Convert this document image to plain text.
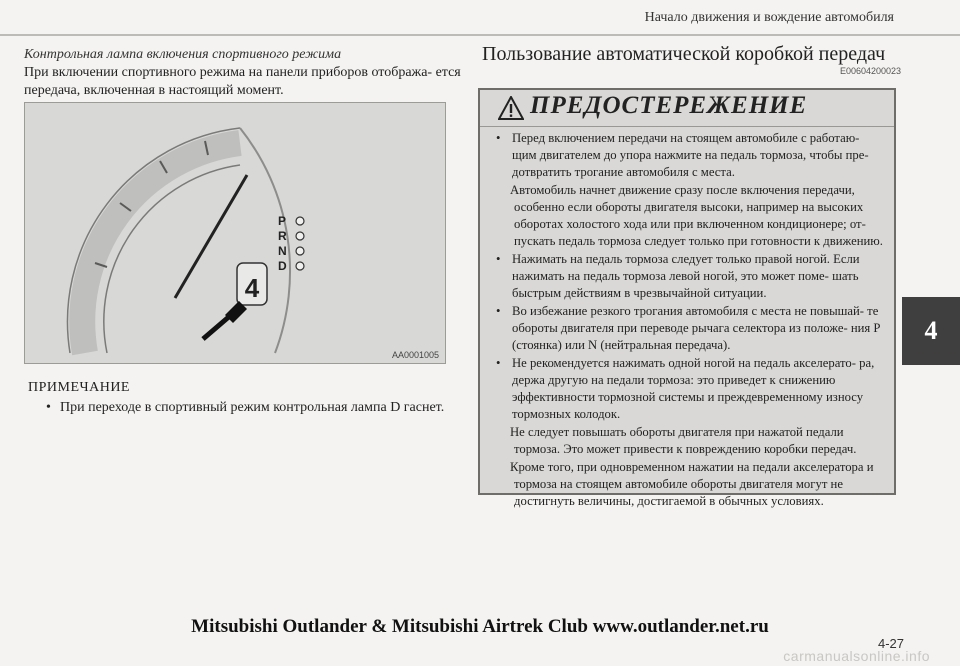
Начало движения и вождение автомобиля

Контрольная лампа включения спортивного режима

При включении спортивного режима на панели приборов отобража- ется передача, включенная в настоящий момент.

4
P
R
N
D
AA0001005

ПРИМЕЧАНИЕ

• При переходе в спортивный режим контрольная лампа D гаснет.

Пользование автоматической коробкой передач
E00604200023
ПРЕДОСТЕРЕЖЕНИЕ

• Перед включением передачи на стоящем автомобиле с работаю- щим двигателем до упора нажмите на педаль тормоза, чтобы пре- дотвратить трогание автомобиля с места.

Автомобиль начнет движение сразу после включения передачи, особенно если обороты двигателя высоки, например на высоких оборотах холостого хода или при включенном кондиционере; от- пускать педаль тормоза следует только при готовности к движению.

• Нажимать на педаль тормоза следует только правой ногой. Если нажимать на педаль тормоза левой ногой, это может поме- шать быстрым действиям в чрезвычайной ситуации.

• Во избежание резкого трогания автомобиля с места не повышай- те обороты двигателя при переводе рычага селектора из положе- ния P (стоянка) или N (нейтральная передача).

• Не рекомендуется нажимать одной ногой на педаль акселерато- ра, держа другую на педали тормоза: это приведет к снижению эффективности тормозной системы и преждевременному износу тормозных колодок.

Не следует повышать обороты двигателя при нажатой педали тормоза. Это может привести к повреждению коробки передач.

Кроме того, при одновременном нажатии на педали акселератора и тормоза на стоящем автомобиле обороты двигателя могут не достигнуть величины, достигаемой в обычных условиях.

4
Mitsubishi Outlander & Mitsubishi Airtrek Club www.outlander.net.ru
4-27
carmanualsonline.info
